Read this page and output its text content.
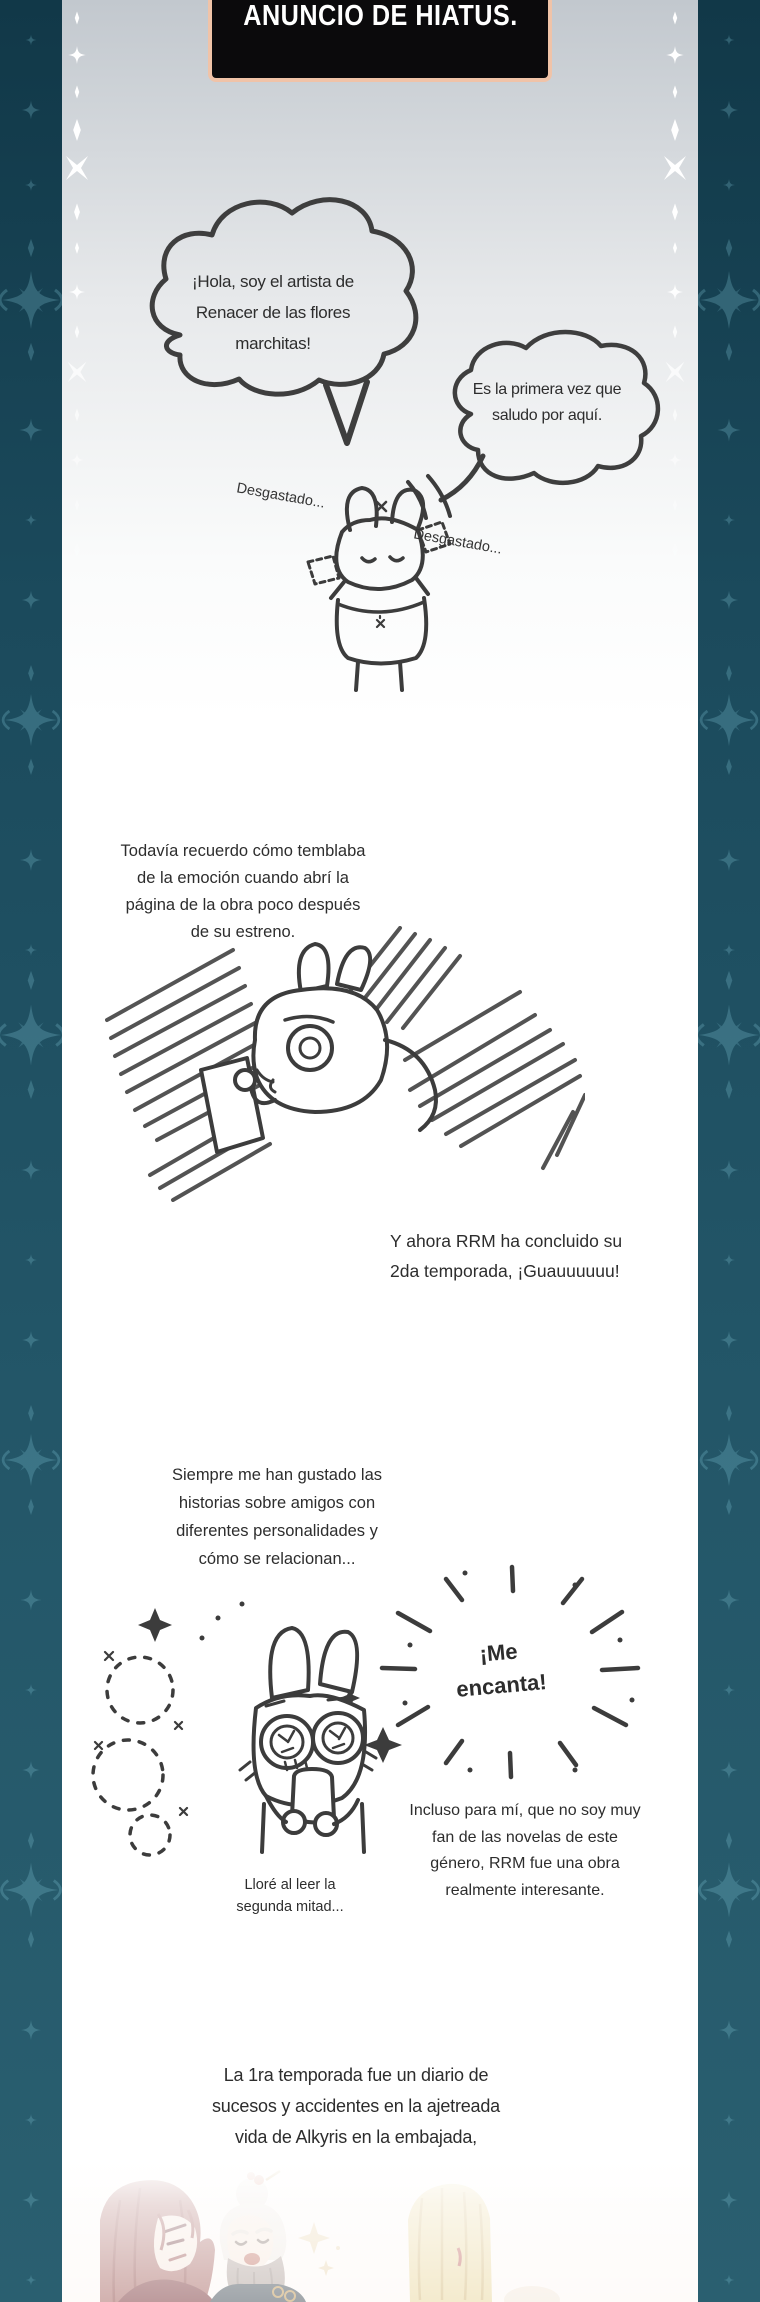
ANUNCIO DE HIATUS.
¡Hola, soy el artista de
Renacer de las flores
marchitas!
Es la primera vez que
saludo por aquí.
Desgastado...
Desgastado...
Todavía recuerdo cómo temblaba
de la emoción cuando abrí la
página de la obra poco después
de su estreno.
Y ahora RRM ha concluido su
2da temporada, ¡Guauuuuuu!
Siempre me han gustado las
historias sobre amigos con
diferentes personalidades y
cómo se relacionan...
¡Me
encanta!
Incluso para mí, que no soy muy
fan de las novelas de este
género, RRM fue una obra
realmente interesante.
Lloré al leer la
segunda mitad...
La 1ra temporada fue un diario de
sucesos y accidentes en la ajetreada
vida de Alkyris en la embajada,
